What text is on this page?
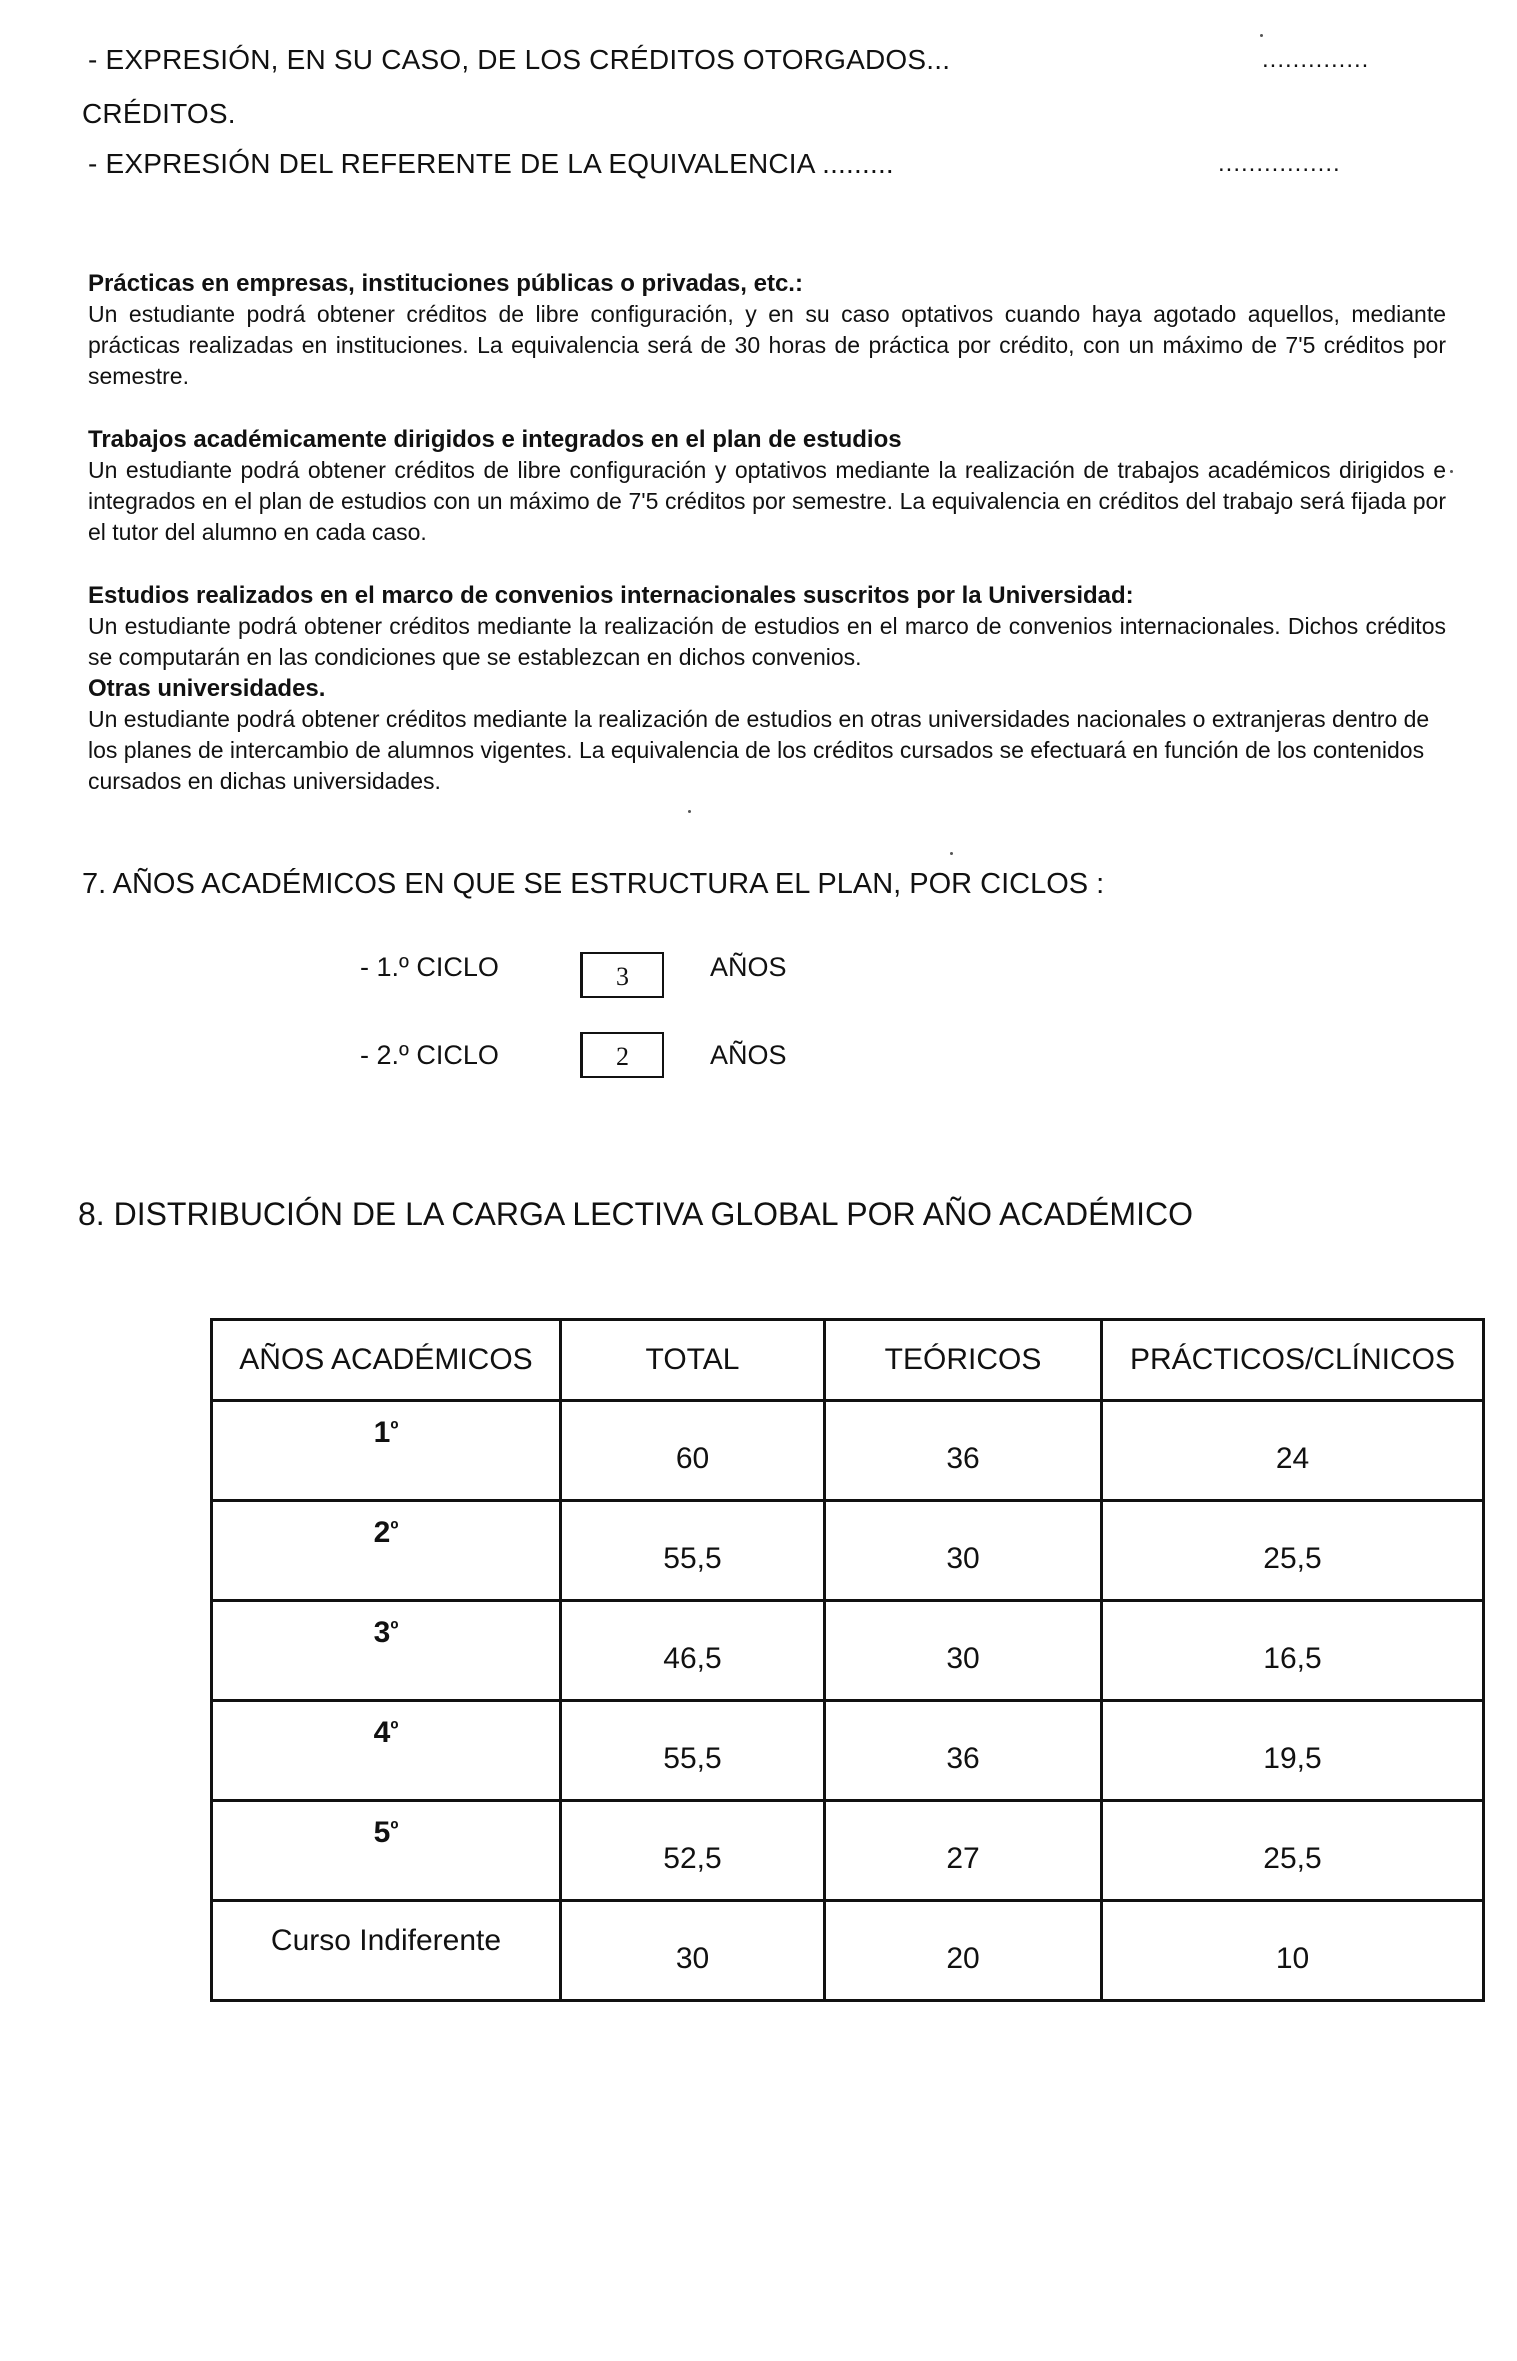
- EXPRESIÓN, EN SU CASO, DE LOS CRÉDITOS OTORGADOS...	..............
CRÉDITOS.
- EXPRESIÓN DEL REFERENTE DE LA EQUIVALENCIA .........	................

Prácticas en empresas, instituciones públicas o privadas, etc.:

Un estudiante podrá obtener créditos de libre configuración, y en su caso optativos cuando haya agotado aquellos, mediante prácticas realizadas en instituciones. La equivalencia será de 30 horas de práctica por crédito, con un máximo de 7'5 créditos por semestre.

Trabajos académicamente dirigidos e integrados en el plan de estudios

Un estudiante podrá obtener créditos de libre configuración y optativos mediante la realización de trabajos académicos dirigidos e integrados en el plan de estudios con un máximo de 7'5 créditos por semestre. La equivalencia en créditos del trabajo será fijada por el tutor del alumno en cada caso.

Estudios realizados en el marco de convenios internacionales suscritos por la Universidad:

Un estudiante podrá obtener créditos mediante la realización de estudios en el marco de convenios internacionales. Dichos créditos se computarán en las condiciones que se establezcan en dichos convenios.

Otras universidades.

Un estudiante podrá obtener créditos mediante la realización de estudios en otras universidades nacionales o extranjeras dentro de los planes de intercambio de alumnos vigentes. La equivalencia de los créditos cursados se efectuará en función de los contenidos cursados en dichas universidades.

7. AÑOS ACADÉMICOS EN QUE SE ESTRUCTURA EL PLAN, POR CICLOS :
- 1.º CICLO	3	AÑOS
- 2.º CICLO	2	AÑOS
8. DISTRIBUCIÓN DE LA CARGA LECTIVA GLOBAL POR AÑO ACADÉMICO
AÑOS ACADÉMICOS	TOTAL	TEÓRICOS	PRÁCTICOS/CLÍNICOS
$1^º$	60	36	24
$2^º$	55,5	30	25,5
$3^º$	46,5	30	16,5
$4^º$	55,5	36	19,5
$5^º$	52,5	27	25,5
Curso Indiferente	30	20	10
